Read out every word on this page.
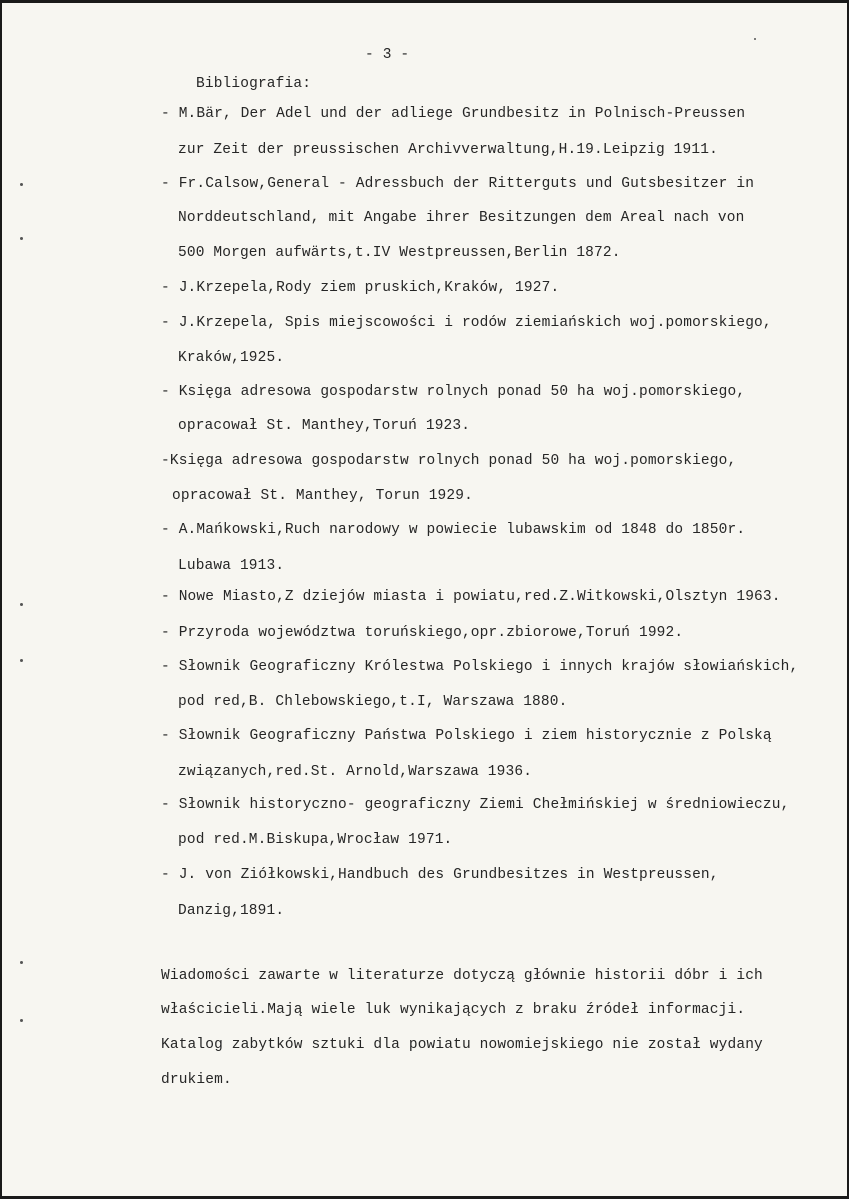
- 3 -
Bibliografia:
- M.Bär, Der Adel und der adliege Grundbesitz in Polnisch-Preussen
zur Zeit der preussischen Archivverwaltung,H.19.Leipzig 1911.
- Fr.Calsow,General - Adressbuch der Ritterguts und Gutsbesitzer in
Norddeutschland, mit Angabe ihrer Besitzungen dem Areal nach von
500 Morgen aufwärts,t.IV Westpreussen,Berlin 1872.
- J.Krzepela,Rody ziem pruskich,Kraków, 1927.
- J.Krzepela, Spis miejscowości i rodów ziemiańskich woj.pomorskiego,
Kraków,1925.
- Księga adresowa gospodarstw rolnych ponad 50 ha woj.pomorskiego,
opracował St. Manthey,Toruń 1923.
-Księga adresowa gospodarstw rolnych ponad 50 ha woj.pomorskiego,
opracował St. Manthey, Torun 1929.
- A.Mańkowski,Ruch narodowy w powiecie lubawskim od 1848 do 1850r.
Lubawa 1913.
- Nowe Miasto,Z dziejów miasta i powiatu,red.Z.Witkowski,Olsztyn 1963.
- Przyroda województwa toruńskiego,opr.zbiorowe,Toruń 1992.
- Słownik Geograficzny Królestwa Polskiego i innych krajów słowiańskich,
pod red,B. Chlebowskiego,t.I, Warszawa 1880.
- Słownik Geograficzny Państwa Polskiego i ziem historycznie z Polską
związanych,red.St. Arnold,Warszawa 1936.
- Słownik historyczno- geograficzny Ziemi Chełmińskiej w średniowieczu,
pod red.M.Biskupa,Wrocław 1971.
- J. von Ziółkowski,Handbuch des Grundbesitzes in Westpreussen,
Danzig,1891.
Wiadomości zawarte w literaturze dotyczą głównie historii dóbr i ich
właścicieli.Mają wiele luk wynikających z braku źródeł informacji.
Katalog zabytków sztuki dla powiatu nowomiejskiego nie został wydany
drukiem.
